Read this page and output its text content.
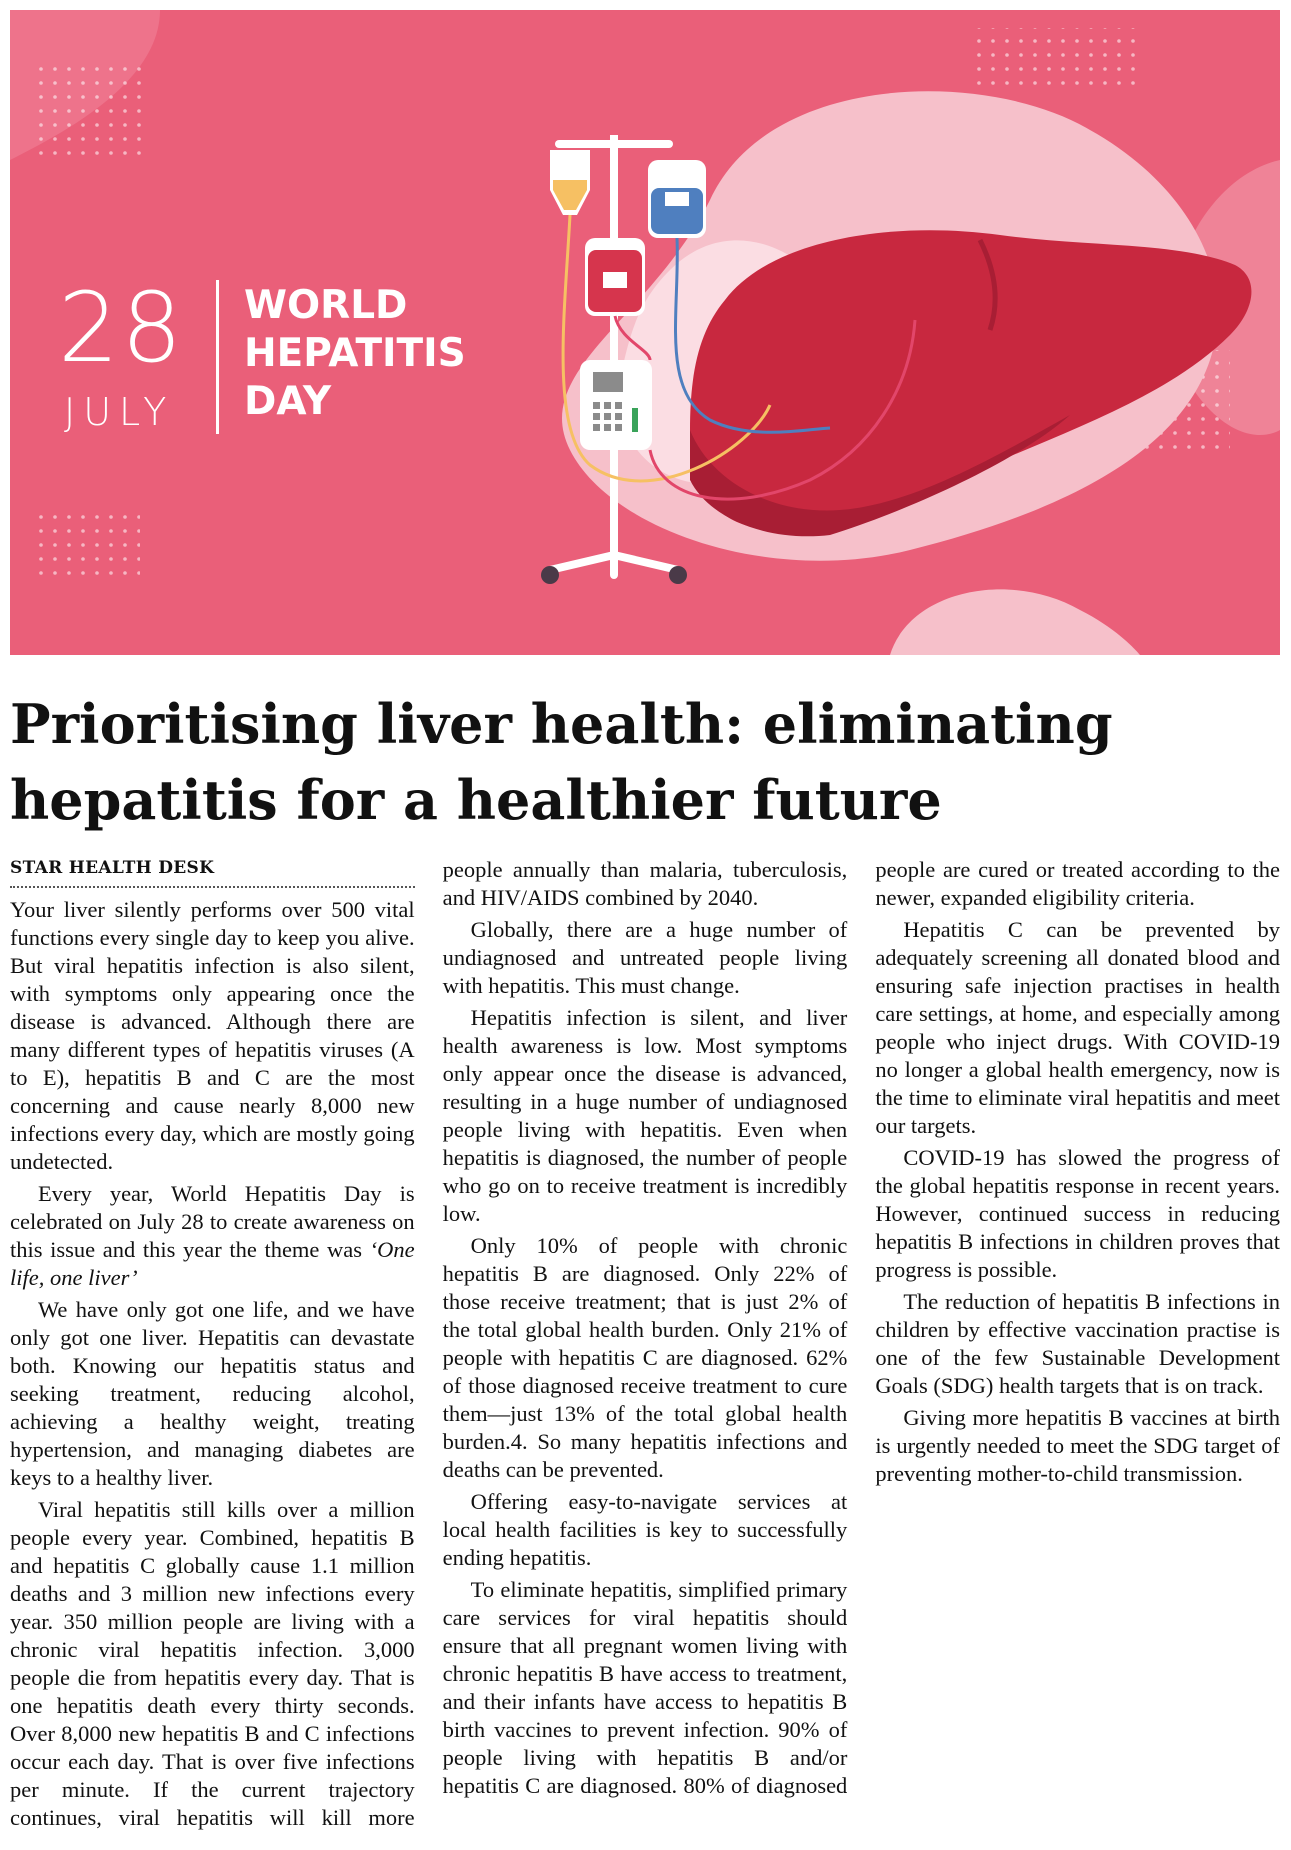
28
JULY
WORLD
HEPATITIS
DAY
Prioritising liver health: eliminating hepatitis for a healthier future
STAR HEALTH DESK

Your liver silently performs over 500 vital functions every single day to keep you alive. But viral hepatitis infection is also silent, with symptoms only appearing once the disease is advanced. Although there are many different types of hepatitis viruses (A to E), hepatitis B and C are the most concerning and cause nearly 8,000 new infections every day, which are mostly going undetected.

Every year, World Hepatitis Day is celebrated on July 28 to create awareness on this issue and this year the theme was ‘One life, one liver’

We have only got one life, and we have only got one liver. Hepatitis can devastate both. Knowing our hepatitis status and seeking treatment, reducing alcohol, achieving a healthy weight, treating hypertension, and managing diabetes are keys to a healthy liver.

Viral hepatitis still kills over a million people every year. Combined, hepatitis B and hepatitis C globally cause 1.1 million deaths and 3 million new infections every year. 350 million people are living with a chronic viral hepatitis infection. 3,000 people die from hepatitis every day. That is one hepatitis death every thirty seconds. Over 8,000 new hepatitis B and C infections occur each day. That is over five infections per minute. If the current trajectory continues, viral hepatitis will kill more people annually than malaria, tuberculosis, and HIV/AIDS combined by 2040.

Globally, there are a huge number of undiagnosed and untreated people living with hepatitis. This must change.

Hepatitis infection is silent, and liver health awareness is low. Most symptoms only appear once the disease is advanced, resulting in a huge number of undiagnosed people living with hepatitis. Even when hepatitis is diagnosed, the number of people who go on to receive treatment is incredibly low.

Only 10% of people with chronic hepatitis B are diagnosed. Only 22% of those receive treatment; that is just 2% of the total global health burden. Only 21% of people with hepatitis C are diagnosed. 62% of those diagnosed receive treatment to cure them—just 13% of the total global health burden.4. So many hepatitis infections and deaths can be prevented.

Offering easy-to-navigate services at local health facilities is key to successfully ending hepatitis.

To eliminate hepatitis, simplified primary care services for viral hepatitis should ensure that all pregnant women living with chronic hepatitis B have access to treatment, and their infants have access to hepatitis B birth vaccines to prevent infection. 90% of people living with hepatitis B and/or hepatitis C are diagnosed. 80% of diagnosed people are cured or treated according to the newer, expanded eligibility criteria.

Hepatitis C can be prevented by adequately screening all donated blood and ensuring safe injection practises in health care settings, at home, and especially among people who inject drugs. With COVID-19 no longer a global health emergency, now is the time to eliminate viral hepatitis and meet our targets.

COVID-19 has slowed the progress of the global hepatitis response in recent years. However, continued success in reducing hepatitis B infections in children proves that progress is possible.

The reduction of hepatitis B infections in children by effective vaccination practise is one of the few Sustainable Development Goals (SDG) health targets that is on track.

Giving more hepatitis B vaccines at birth is urgently needed to meet the SDG target of preventing mother-to-child transmission.
